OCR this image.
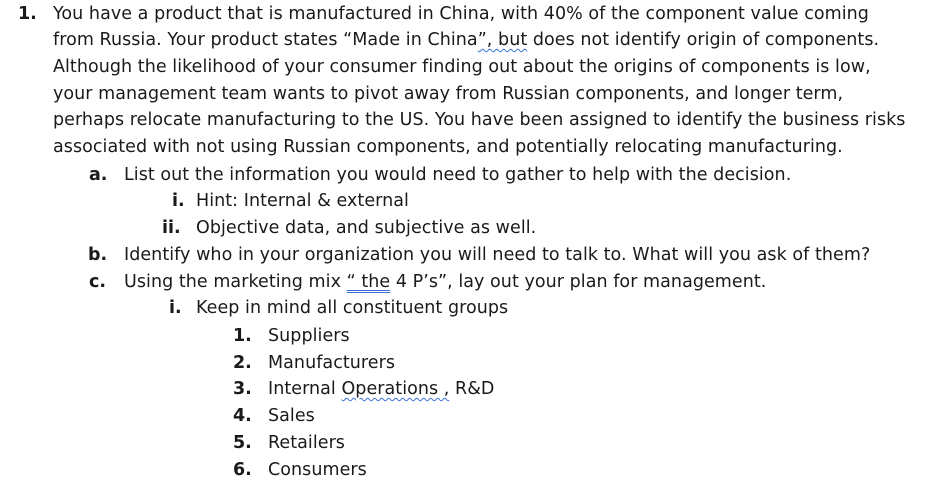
1. You have a product that is manufactured in China, with 40% of the component value coming
from Russia. Your product states “Made in China”, but does not identify origin of components.
Although the likelihood of your consumer finding out about the origins of components is low,
your management team wants to pivot away from Russian components, and longer term,
perhaps relocate manufacturing to the US. You have been assigned to identify the business risks
associated with not using Russian components, and potentially relocating manufacturing.
a. List out the information you would need to gather to help with the decision.
i. Hint: Internal & external
ii. Objective data, and subjective as well.
b. Identify who in your organization you will need to talk to. What will you ask of them?
c. Using the marketing mix “ the 4 P’s”, lay out your plan for management.
i. Keep in mind all constituent groups
1. Suppliers
2. Manufacturers
3. Internal Operations , R&D
4. Sales
5. Retailers
6. Consumers
